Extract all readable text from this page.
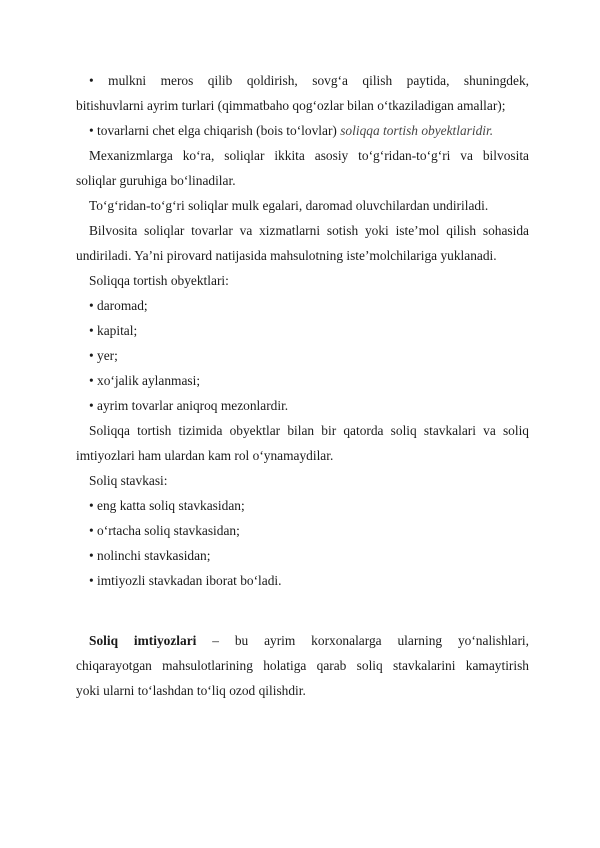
• mulkni meros qilib qoldirish, sovg‘a qilish paytida, shuningdek,

bitishuvlarni ayrim turlari (qimmatbaho qog‘ozlar bilan o‘tkaziladigan amallar);

• tovarlarni chet elga chiqarish (bois to‘lovlar) soliqqa tortish obyektlaridir.

Mexanizmlarga ko‘ra, soliqlar ikkita asosiy to‘g‘ridan-to‘g‘ri va bilvosita

soliqlar guruhiga bo‘linadilar.

To‘g‘ridan-to‘g‘ri soliqlar mulk egalari, daromad oluvchilardan undiriladi.

Bilvosita soliqlar tovarlar va xizmatlarni sotish yoki iste’mol qilish sohasida

undiriladi. Ya’ni pirovard natijasida mahsulotning iste’molchilariga yuklanadi.

Soliqqa tortish obyektlari:

• daromad;

• kapital;

• yer;

• xo‘jalik aylanmasi;

• ayrim tovarlar aniqroq mezonlardir.

Soliqqa tortish tizimida obyektlar bilan bir qatorda soliq stavkalari va soliq

imtiyozlari ham ulardan kam rol o‘ynamaydilar.

Soliq stavkasi:

• eng katta soliq stavkasidan;

• o‘rtacha soliq stavkasidan;

• nolinchi stavkasidan;

• imtiyozli stavkadan iborat bo‘ladi.

Soliq imtiyozlari – bu ayrim korxonalarga ularning yo‘nalishlari,

chiqarayotgan mahsulotlarining holatiga qarab soliq stavkalarini kamaytirish

yoki ularni to‘lashdan to‘liq ozod qilishdir.
